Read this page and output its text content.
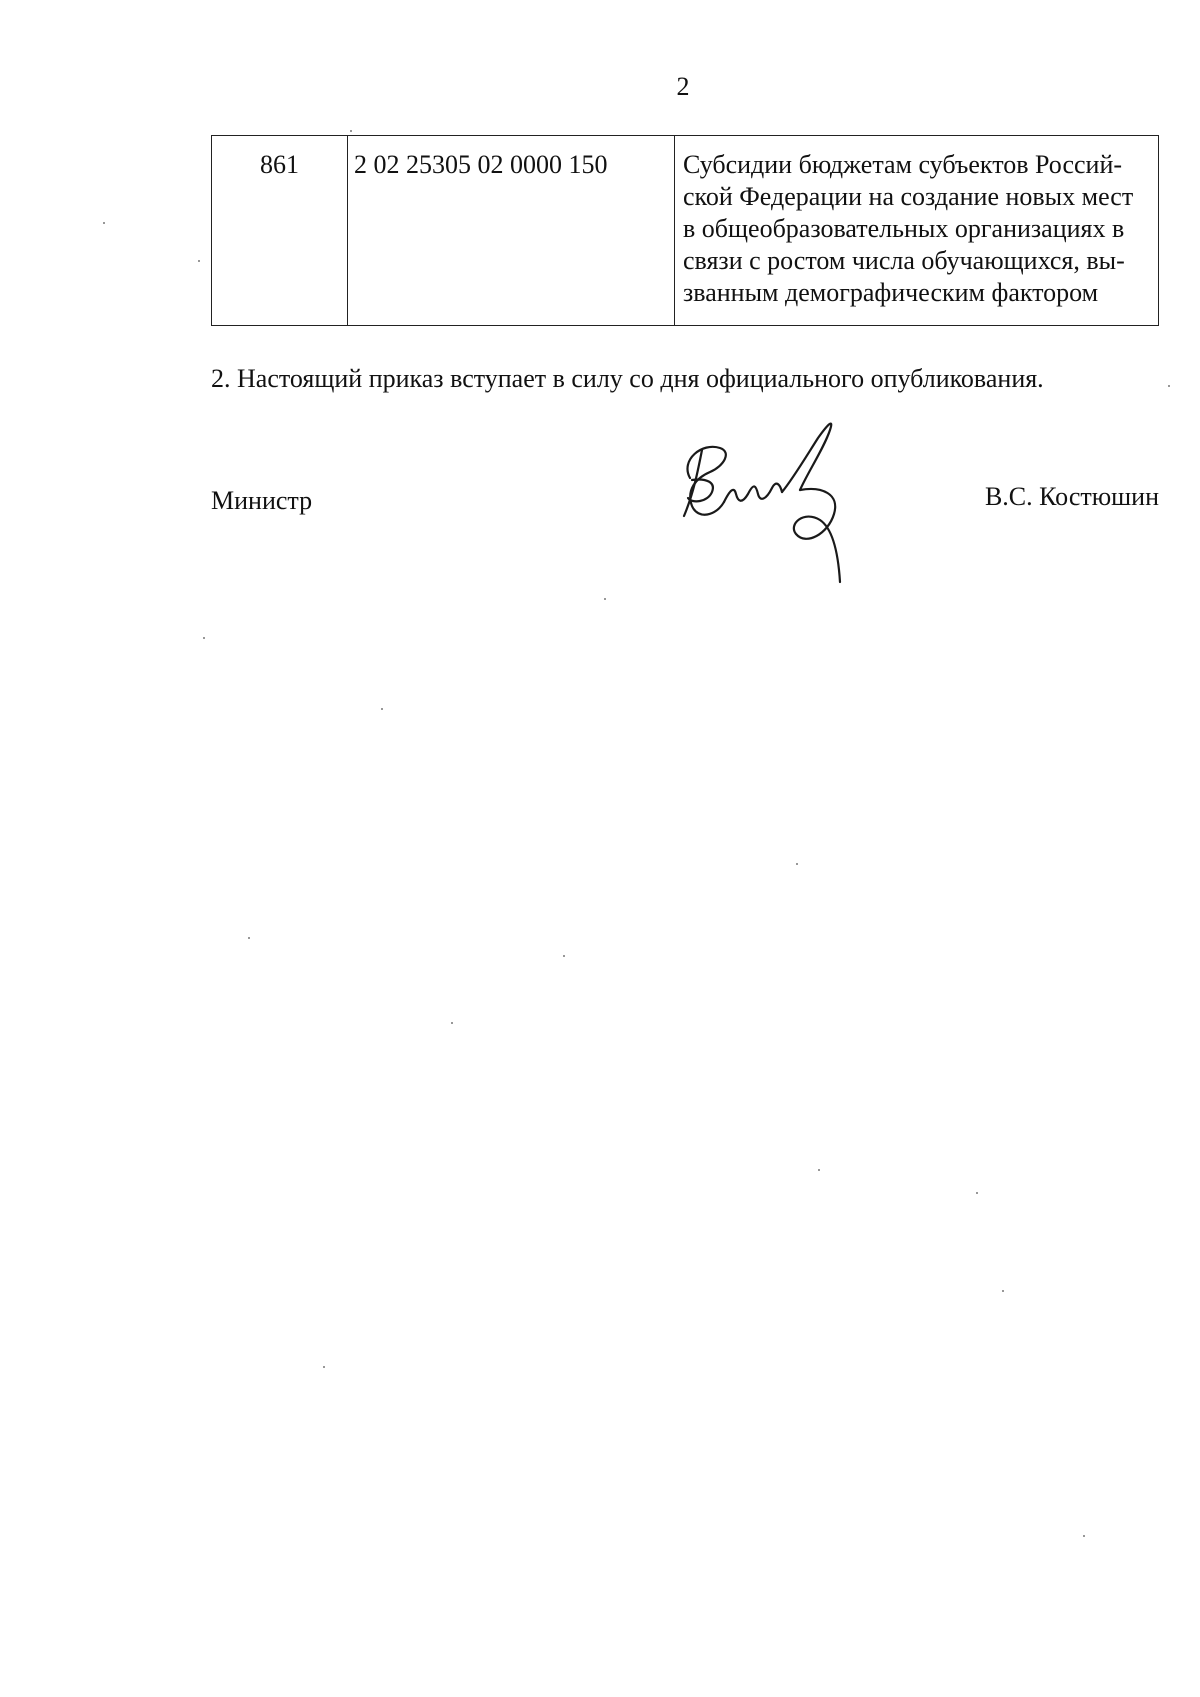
2
861	2 02 25305 02 0000 150	Субсидии бюджетам субъектов Россий-
ской Федерации на создание новых мест
в общеобразовательных организациях в
связи с ростом числа обучающихся, вы-
званным демографическим фактором
2. Настоящий приказ вступает в силу со дня официального опубликования.
Министр	В.С. Костюшин
